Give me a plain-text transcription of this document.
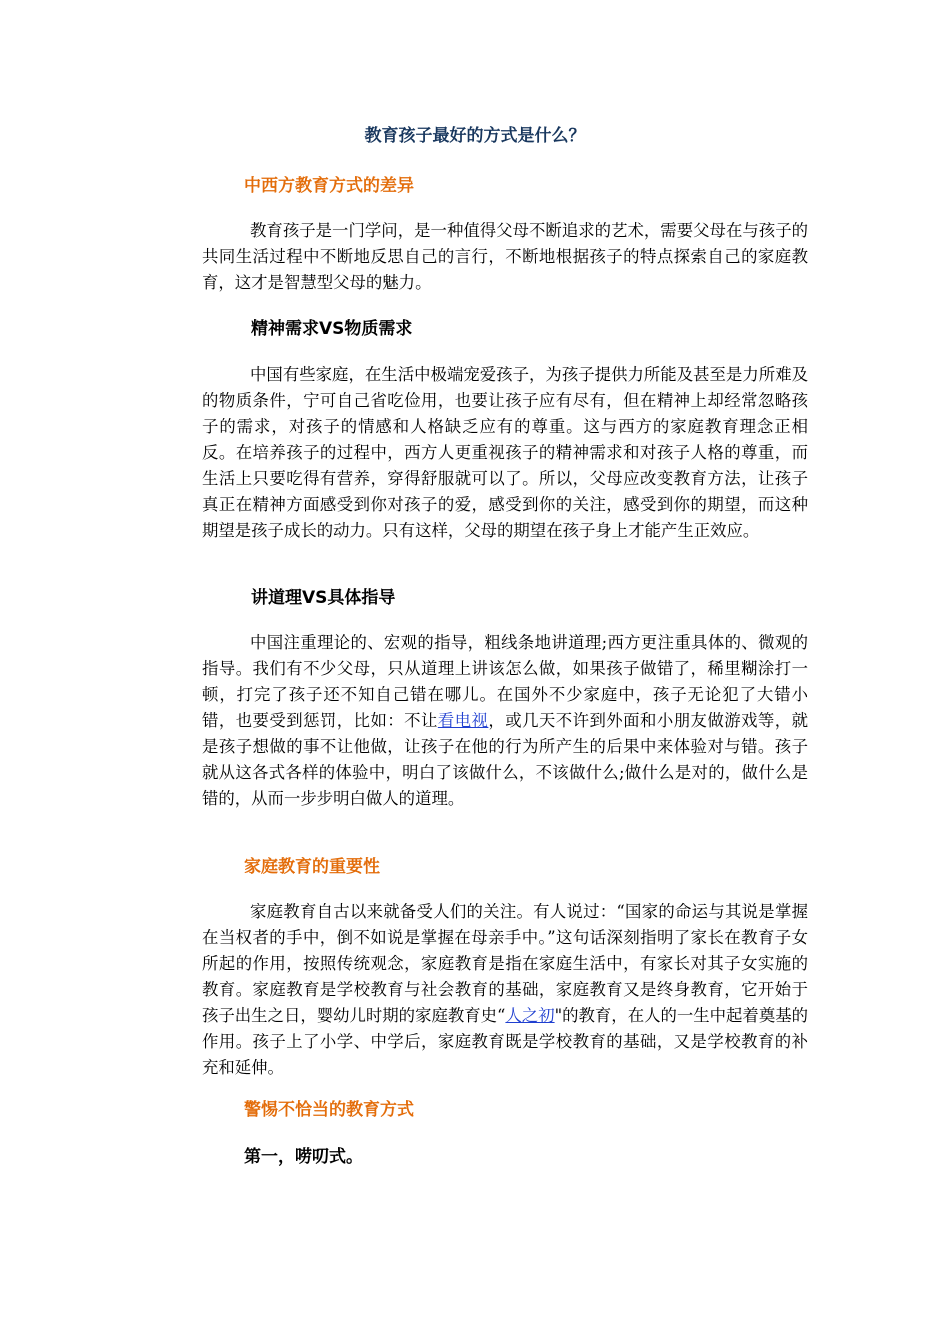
教育孩子最好的方式是什么？
中西方教育方式的差异

教育孩子是一门学问，是一种值得父母不断追求的艺术，需要父母在与孩子的共同生活过程中不断地反思自己的言行，不断地根据孩子的特点探索自己的家庭教育，这才是智慧型父母的魅力。

精神需求VS物质需求

中国有些家庭，在生活中极端宠爱孩子，为孩子提供力所能及甚至是力所难及的物质条件，宁可自己省吃俭用，也要让孩子应有尽有，但在精神上却经常忽略孩子的需求，对孩子的情感和人格缺乏应有的尊重。这与西方的家庭教育理念正相反。在培养孩子的过程中，西方人更重视孩子的精神需求和对孩子人格的尊重，而生活上只要吃得有营养，穿得舒服就可以了。所以，父母应改变教育方法，让孩子真正在精神方面感受到你对孩子的爱，感受到你的关注，感受到你的期望，而这种期望是孩子成长的动力。只有这样，父母的期望在孩子身上才能产生正效应。

讲道理VS具体指导

中国注重理论的、宏观的指导，粗线条地讲道理;西方更注重具体的、微观的指导。我们有不少父母，只从道理上讲该怎么做，如果孩子做错了，稀里糊涂打一顿，打完了孩子还不知自己错在哪儿。在国外不少家庭中，孩子无论犯了大错小错，也要受到惩罚，比如：不让看电视，或几天不许到外面和小朋友做游戏等，就是孩子想做的事不让他做，让孩子在他的行为所产生的后果中来体验对与错。孩子就从这各式各样的体验中，明白了该做什么，不该做什么;做什么是对的，做什么是错的，从而一步步明白做人的道理。

家庭教育的重要性

家庭教育自古以来就备受人们的关注。有人说过：“国家的命运与其说是掌握在当权者的手中，倒不如说是掌握在母亲手中。”这句话深刻指明了家长在教育子女所起的作用，按照传统观念，家庭教育是指在家庭生活中，有家长对其子女实施的教育。家庭教育是学校教育与社会教育的基础，家庭教育又是终身教育，它开始于孩子出生之日，婴幼儿时期的家庭教育史“人之初"的教育，在人的一生中起着奠基的作用。孩子上了小学、中学后，家庭教育既是学校教育的基础，又是学校教育的补充和延伸。

警惕不恰当的教育方式
第一，唠叨式。
